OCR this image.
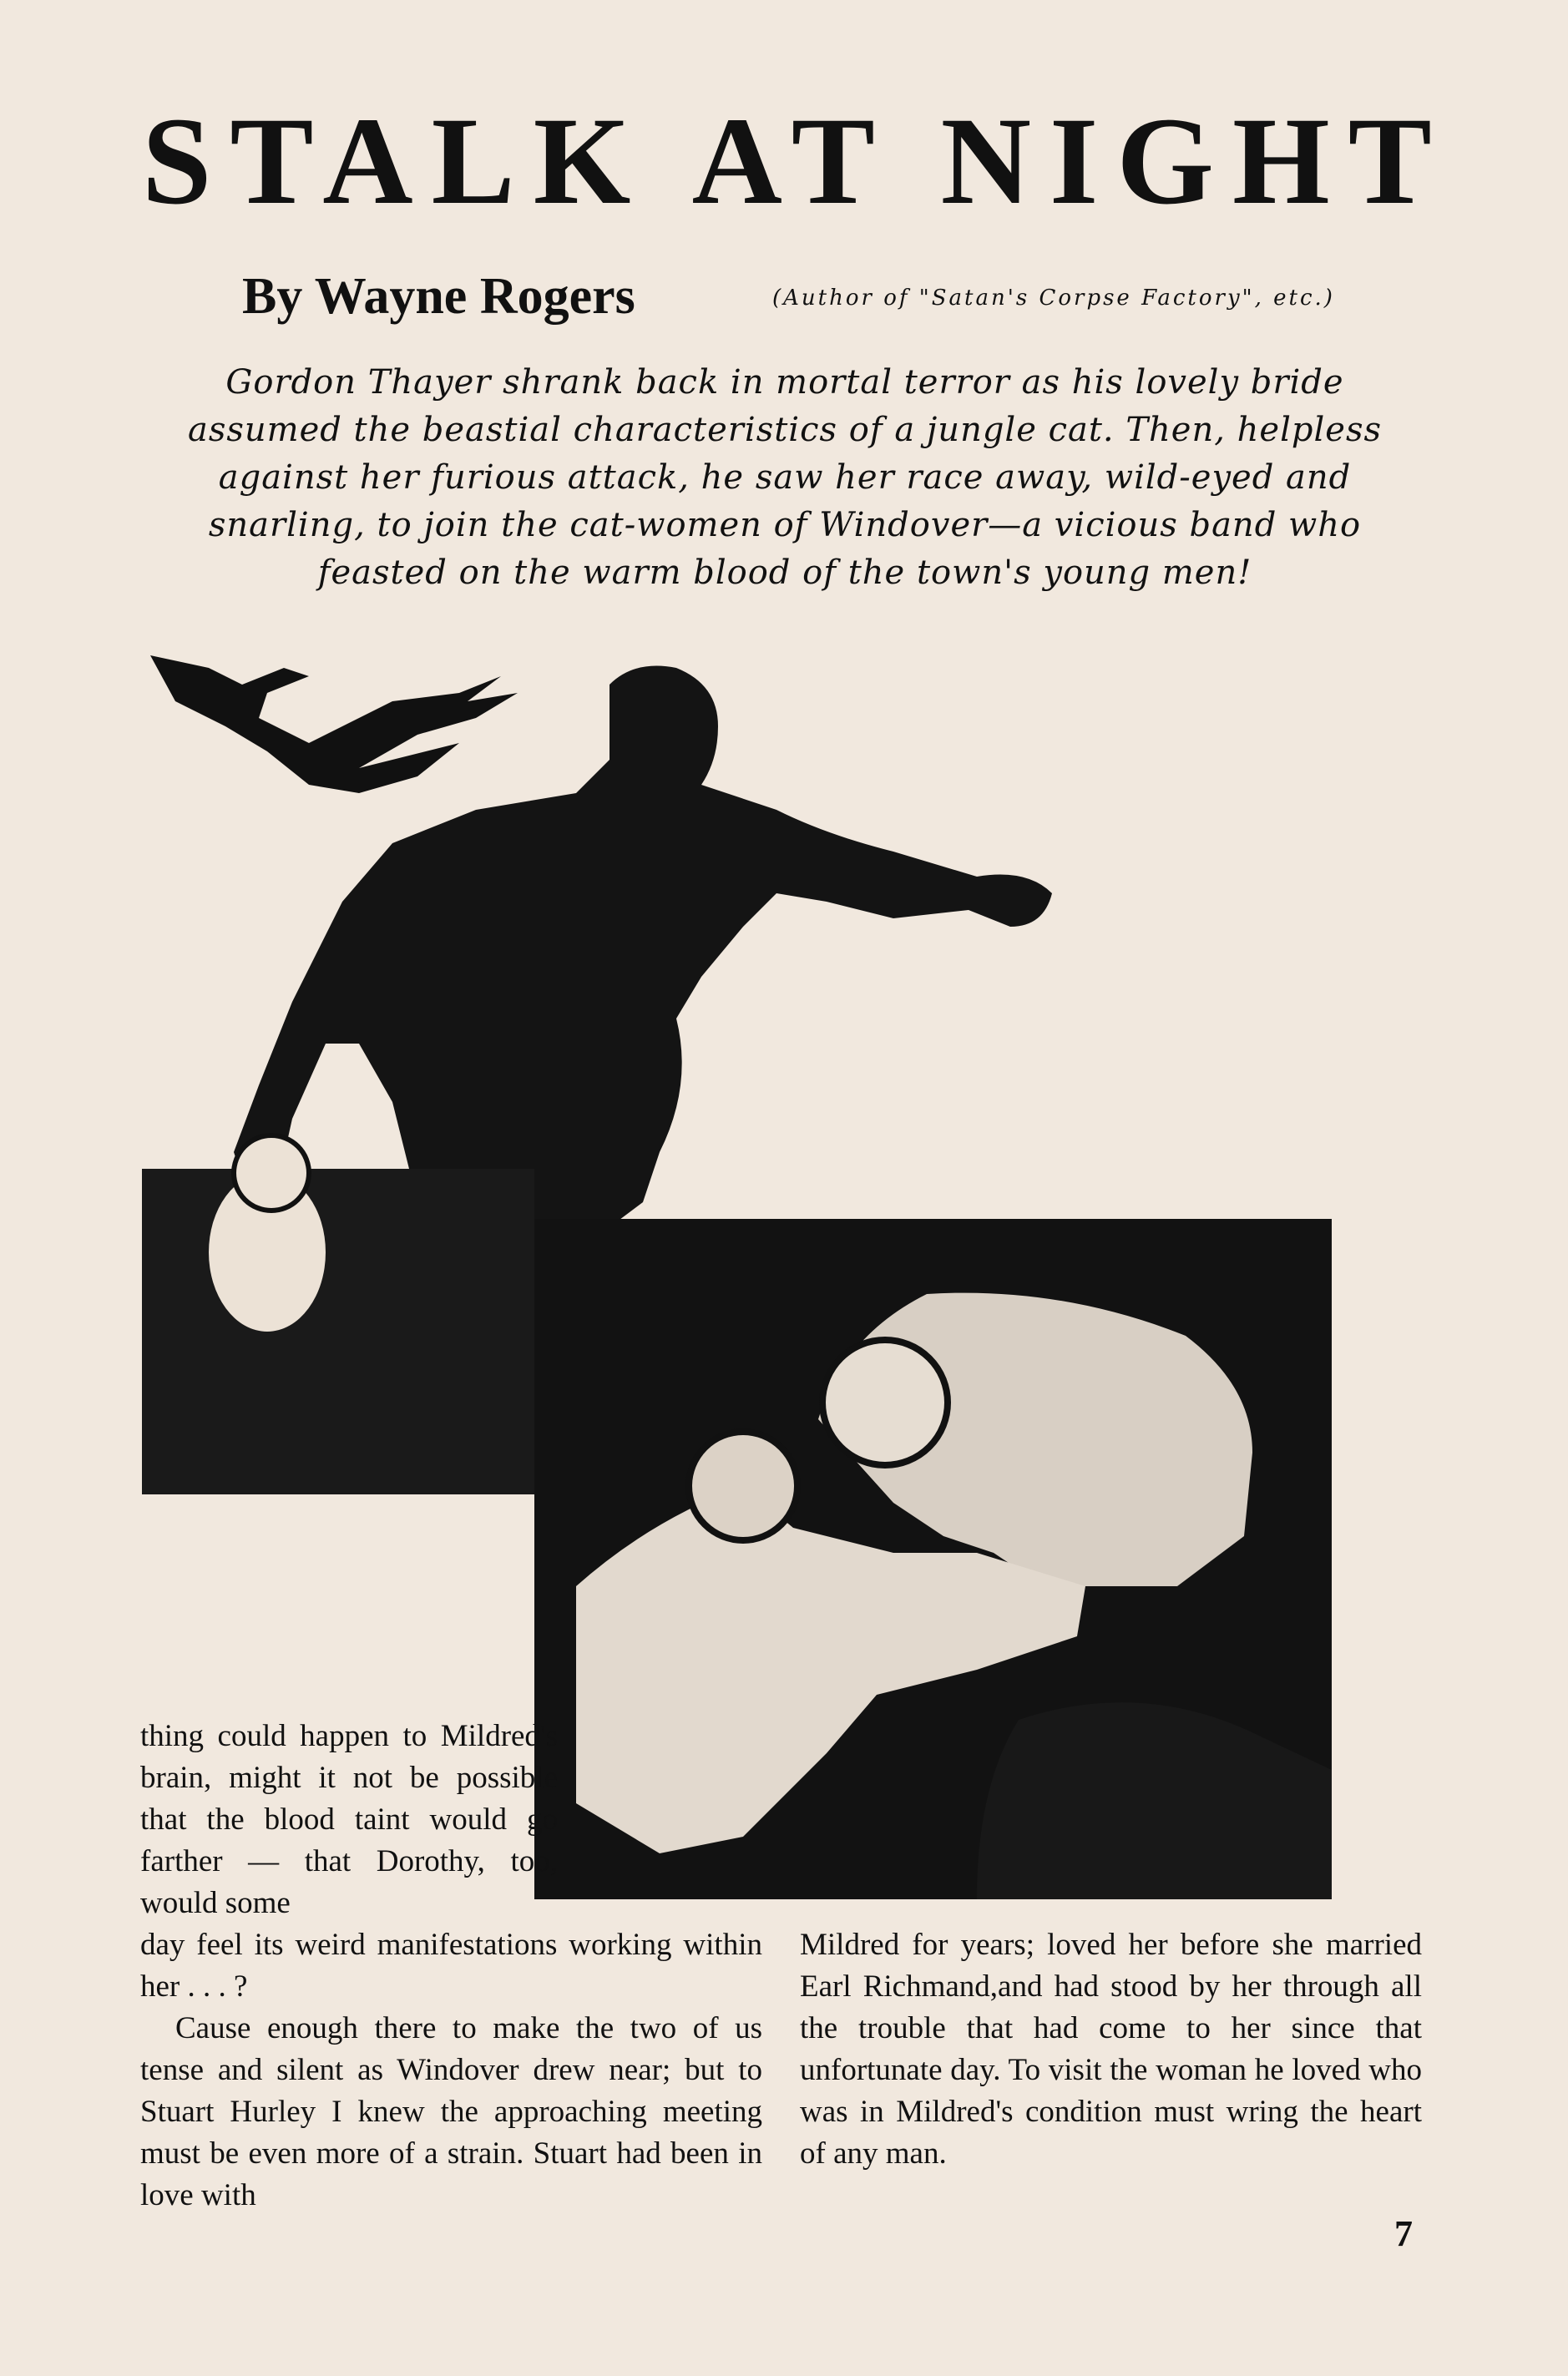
STALK AT NIGHT
By Wayne Rogers	(Author of "Satan's Corpse Factory", etc.)

Gordon Thayer shrank back in mortal terror as his lovely bride assumed the beastial characteristics of a jungle cat. Then, helpless against her furious attack, he saw her race away, wild-eyed and snarling, to join the cat-women of Windover—a vicious band who feasted on the warm blood of the town's young men!

thing could happen to Mildred's brain, might it not be possible that the blood taint would go farther — that Dorothy, too, would some

day feel its weird manifestations working within her . . . ?

Cause enough there to make the two of us tense and silent as Windover drew near; but to Stuart Hurley I knew the approaching meeting must be even more of a strain. Stuart had been in love with

Mildred for years; loved her before she married Earl Richmand,and had stood by her through all the trouble that had come to her since that unfortunate day. To visit the woman he loved who was in Mildred's condition must wring the heart of any man.

7
